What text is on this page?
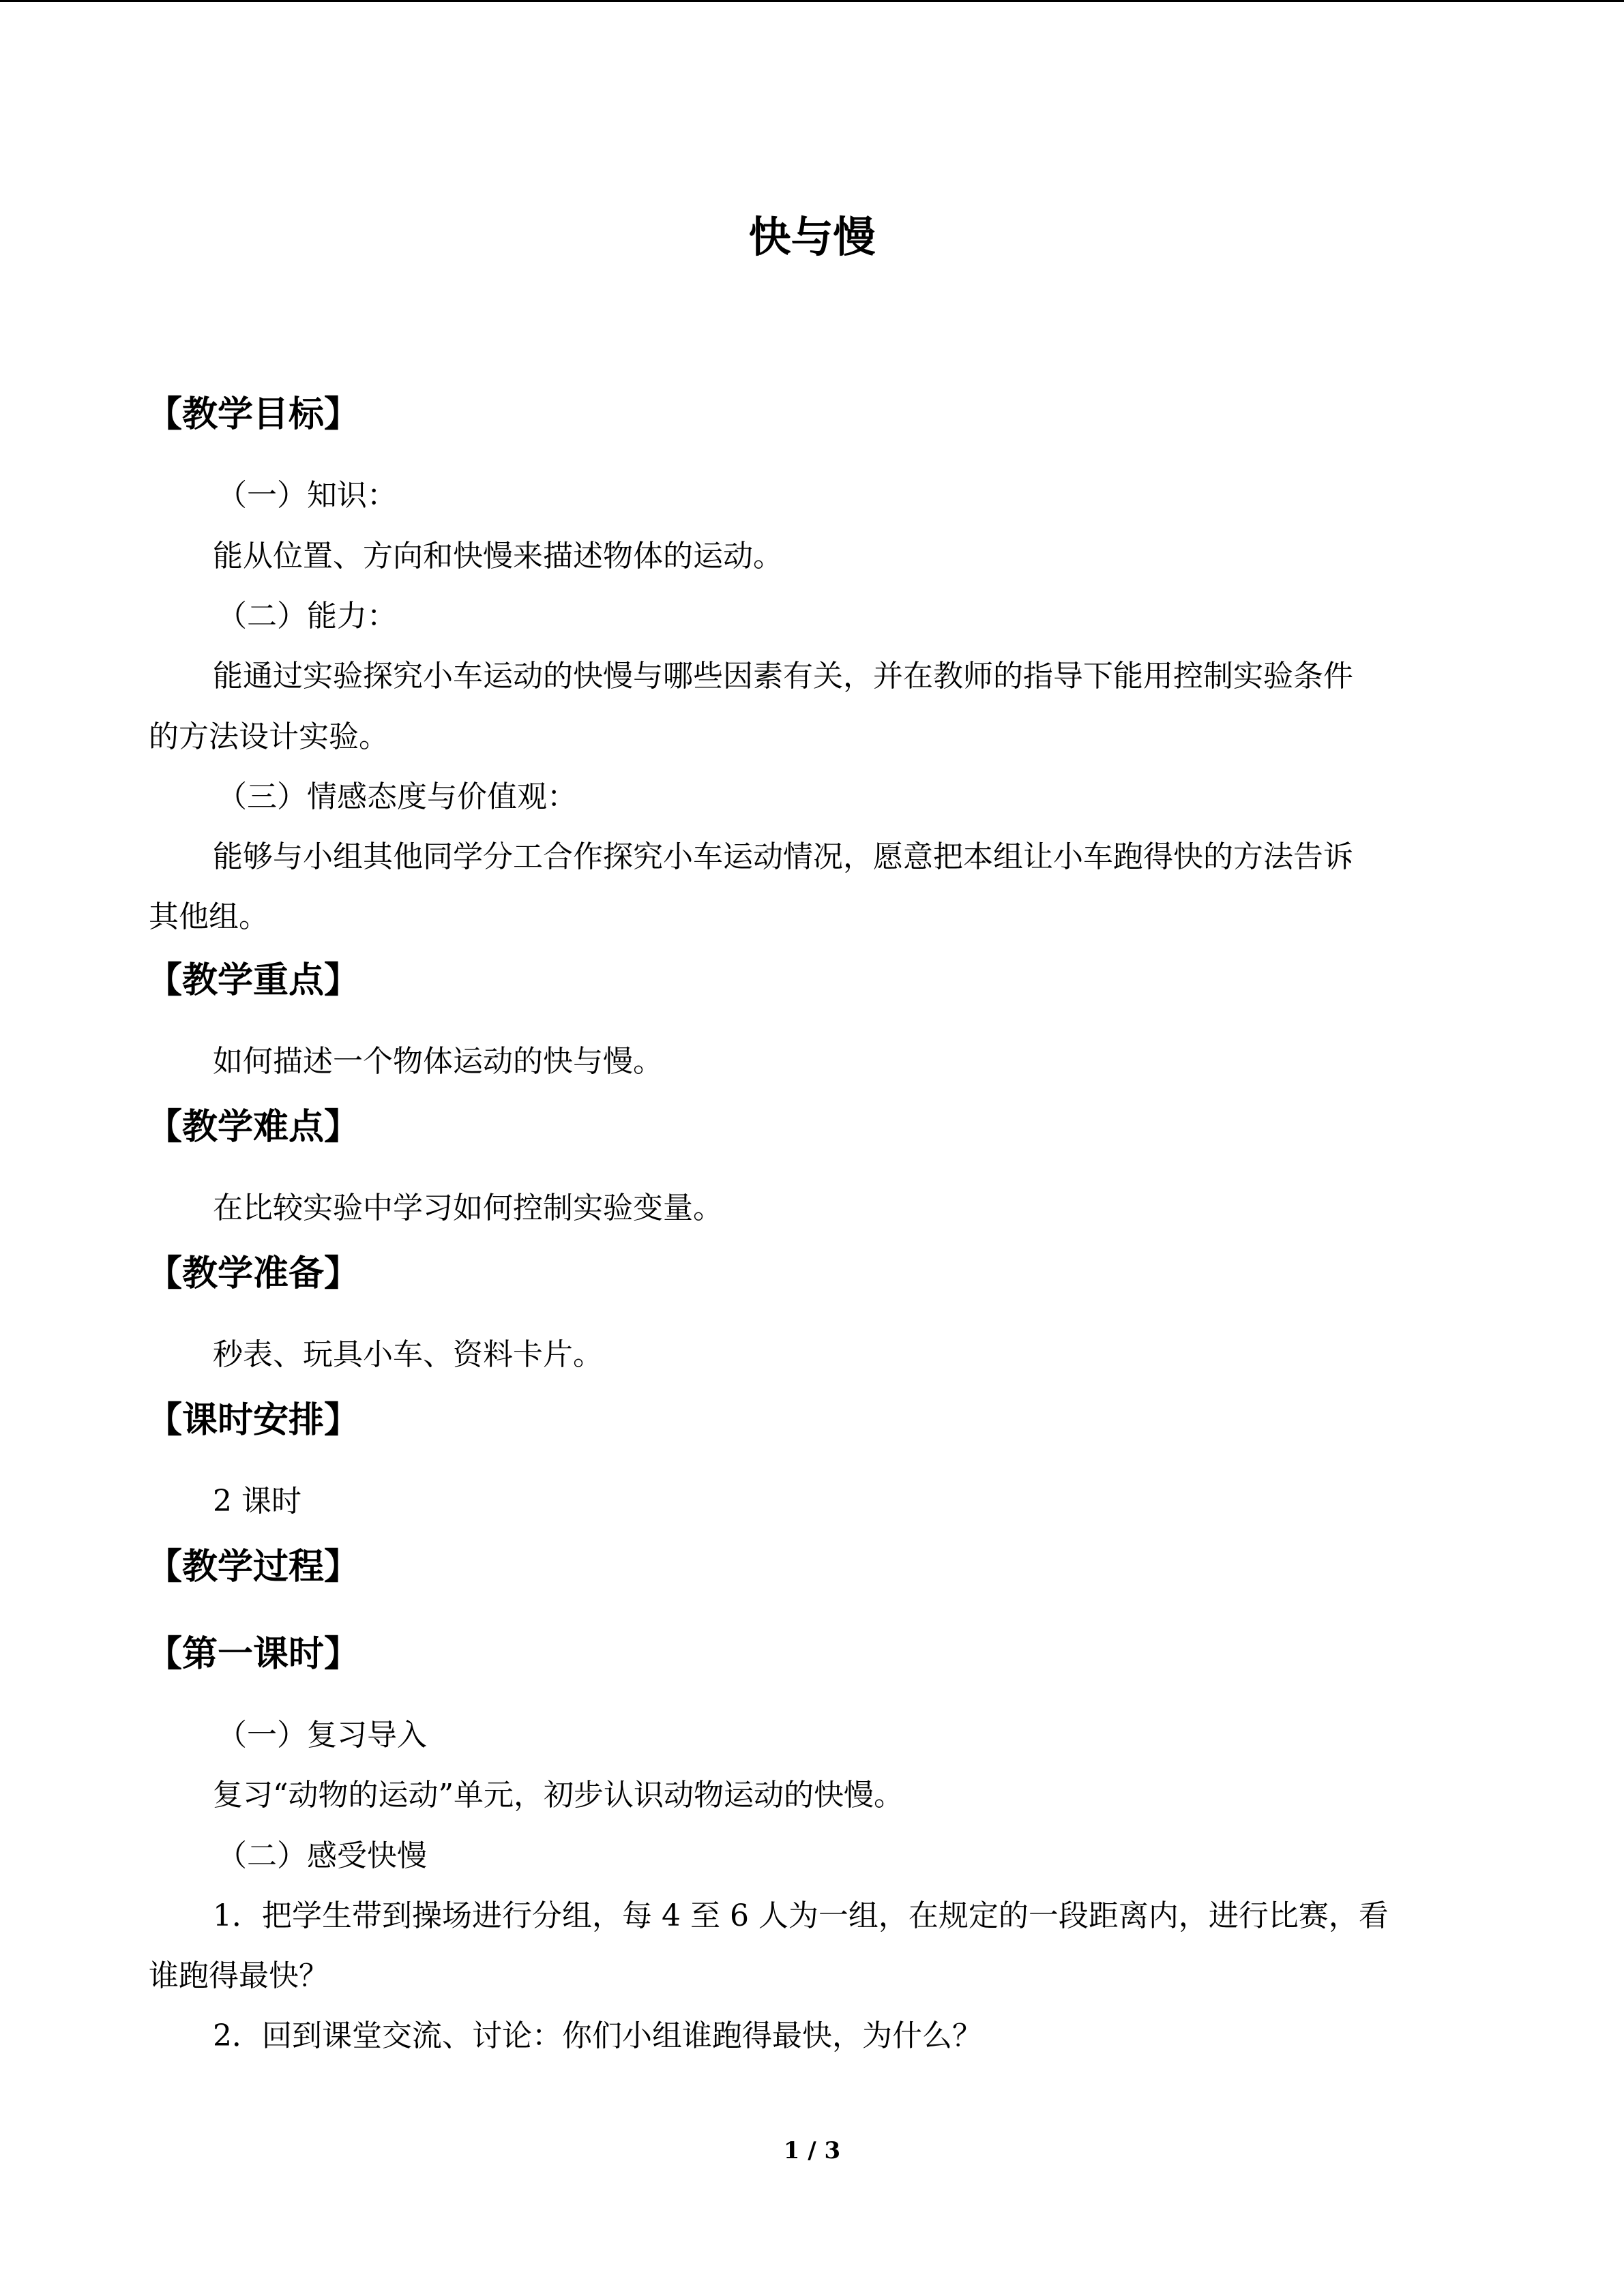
快与慢
【教学目标】
（一）知识：
能从位置、方向和快慢来描述物体的运动。
（二）能力：
能通过实验探究小车运动的快慢与哪些因素有关，并在教师的指导下能用控制实验条件
的方法设计实验。
（三）情感态度与价值观：
能够与小组其他同学分工合作探究小车运动情况，愿意把本组让小车跑得快的方法告诉
其他组。
【教学重点】
如何描述一个物体运动的快与慢。
【教学难点】
在比较实验中学习如何控制实验变量。
【教学准备】
秒表、玩具小车、资料卡片。
【课时安排】
2 课时
【教学过程】
【第一课时】
（一）复习导入
复习“动物的运动”单元，初步认识动物运动的快慢。
（二）感受快慢
1．把学生带到操场进行分组，每 4 至 6 人为一组，在规定的一段距离内，进行比赛，看
谁跑得最快？
2．回到课堂交流、讨论：你们小组谁跑得最快，为什么？
1 / 3
